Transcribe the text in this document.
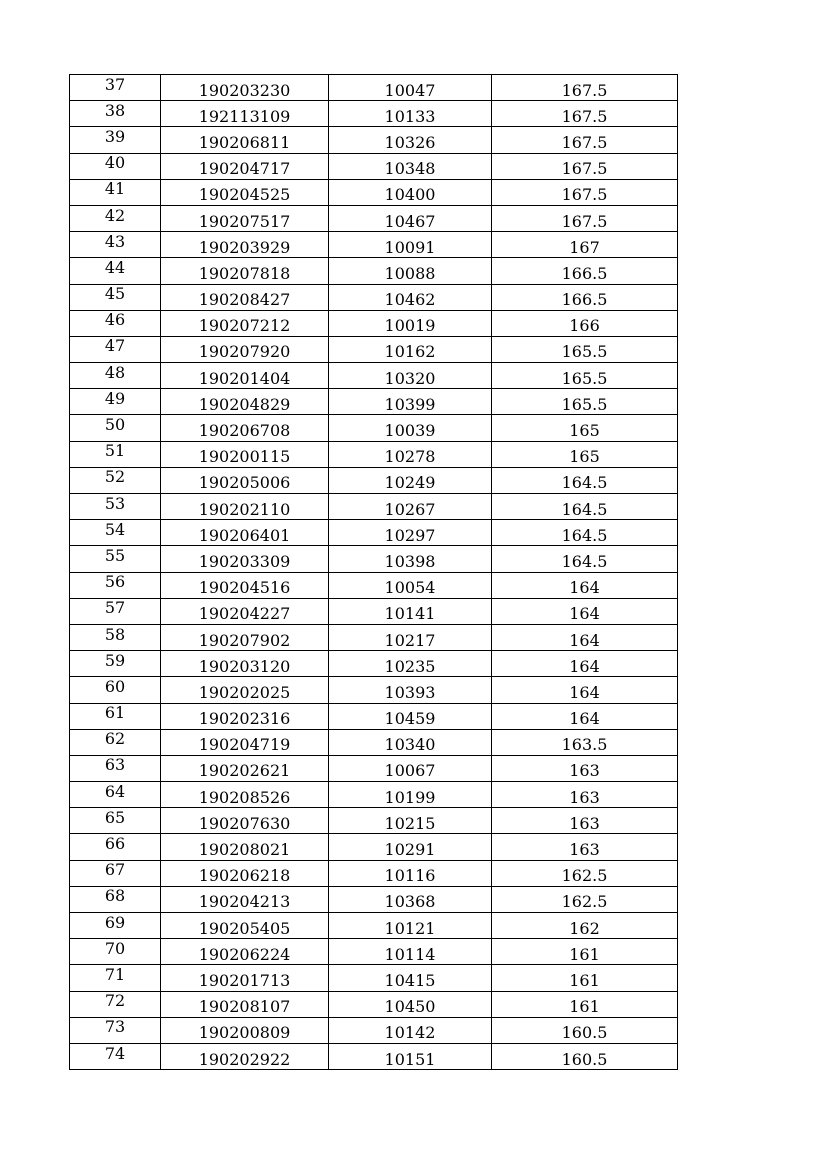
37	190203230	10047	167.5
38	192113109	10133	167.5
39	190206811	10326	167.5
40	190204717	10348	167.5
41	190204525	10400	167.5
42	190207517	10467	167.5
43	190203929	10091	167
44	190207818	10088	166.5
45	190208427	10462	166.5
46	190207212	10019	166
47	190207920	10162	165.5
48	190201404	10320	165.5
49	190204829	10399	165.5
50	190206708	10039	165
51	190200115	10278	165
52	190205006	10249	164.5
53	190202110	10267	164.5
54	190206401	10297	164.5
55	190203309	10398	164.5
56	190204516	10054	164
57	190204227	10141	164
58	190207902	10217	164
59	190203120	10235	164
60	190202025	10393	164
61	190202316	10459	164
62	190204719	10340	163.5
63	190202621	10067	163
64	190208526	10199	163
65	190207630	10215	163
66	190208021	10291	163
67	190206218	10116	162.5
68	190204213	10368	162.5
69	190205405	10121	162
70	190206224	10114	161
71	190201713	10415	161
72	190208107	10450	161
73	190200809	10142	160.5
74	190202922	10151	160.5
